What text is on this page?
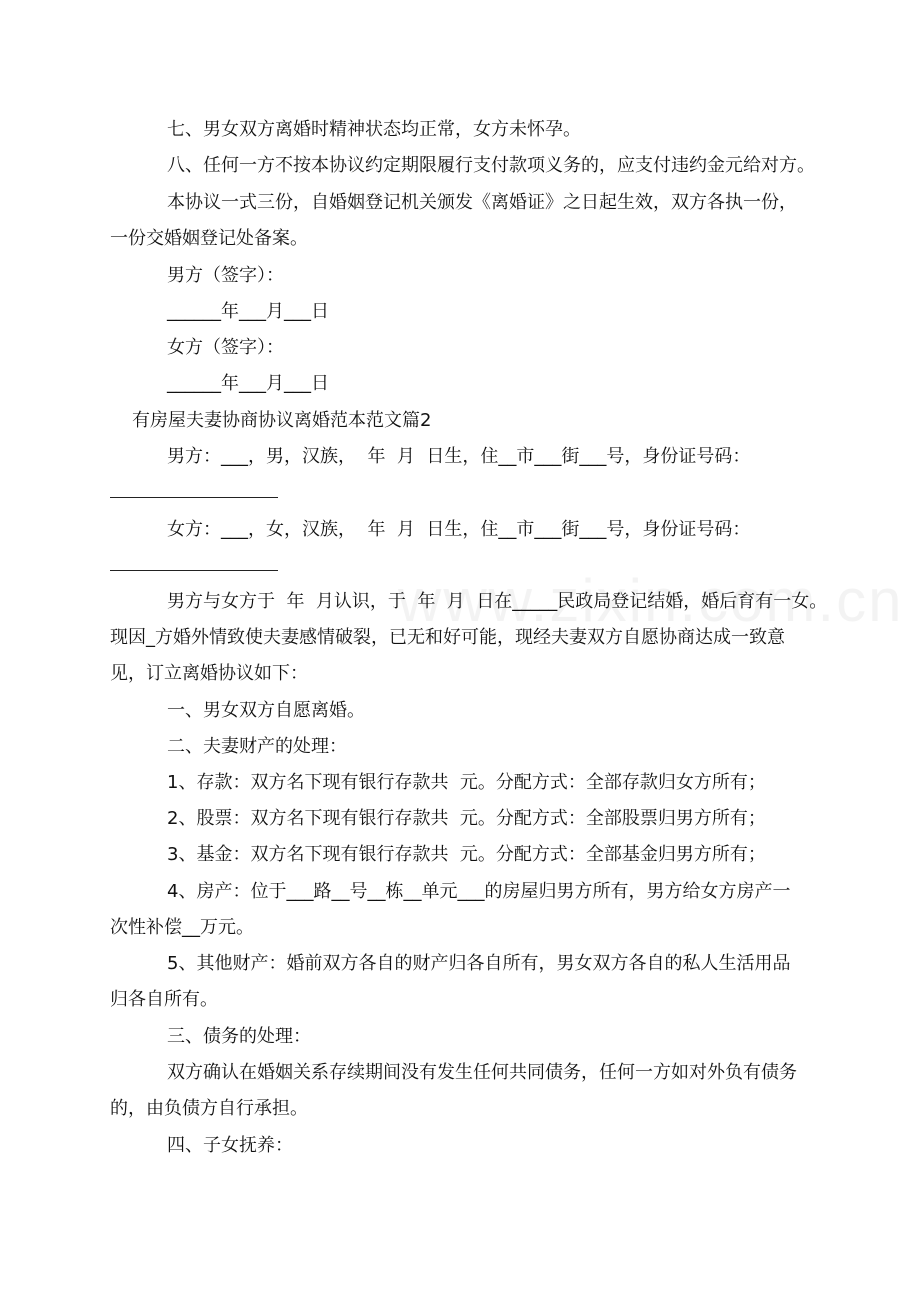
七、男女双方离婚时精神状态均正常，女方未怀孕。
八、任何一方不按本协议约定期限履行支付款项义务的，应支付违约金元给对方。
本协议一式三份，自婚姻登记机关颁发《离婚证》之日起生效，双方各执一份，
一份交婚姻登记处备案。
男方（签字）：
______年___月___日
女方（签字）：
______年___月___日
有房屋夫妻协商协议离婚范本范文篇2
男方：___，男，汉族，  年  月  日生，住__市___街___号，身份证号码：
女方：___，女，汉族，  年  月  日生，住__市___街___号，身份证号码：
男方与女方于  年  月认识，于  年  月  日在_____民政局登记结婚，婚后育有一女。
现因_方婚外情致使夫妻感情破裂，已无和好可能，现经夫妻双方自愿协商达成一致意
见，订立离婚协议如下：
一、男女双方自愿离婚。
二、夫妻财产的处理：
1、存款：双方名下现有银行存款共  元。分配方式：全部存款归女方所有；
2、股票：双方名下现有银行存款共  元。分配方式：全部股票归男方所有；
3、基金：双方名下现有银行存款共  元。分配方式：全部基金归男方所有；
4、房产：位于___路__号__栋__单元___的房屋归男方所有，男方给女方房产一
次性补偿__万元。
5、其他财产：婚前双方各自的财产归各自所有，男女双方各自的私人生活用品
归各自所有。
三、债务的处理：
双方确认在婚姻关系存续期间没有发生任何共同债务，任何一方如对外负有债务
的，由负债方自行承担。
四、子女抚养：
